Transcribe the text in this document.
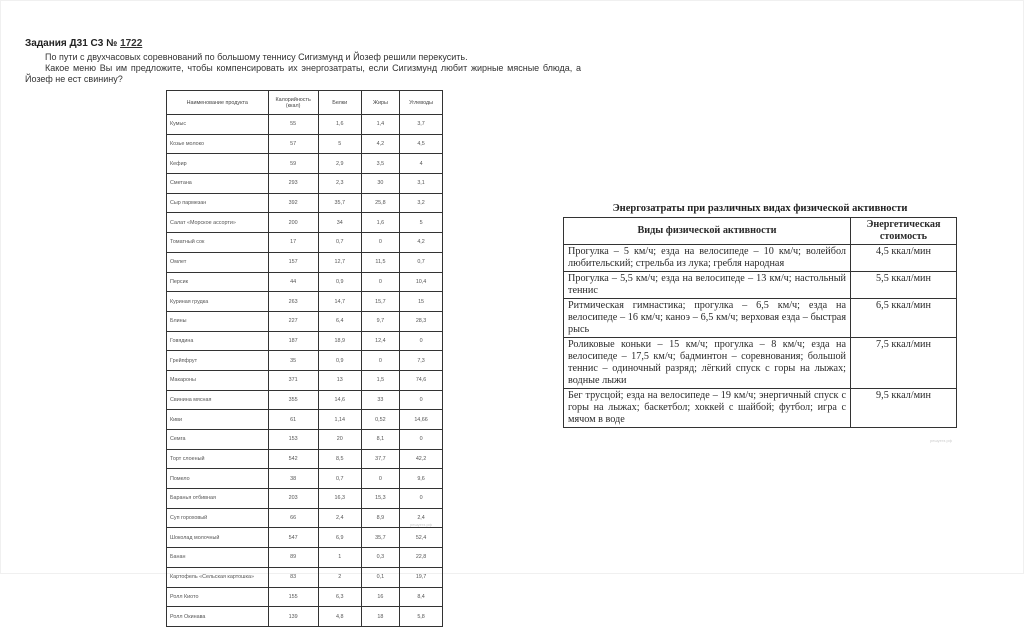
Задания Д31 С3 № 1722

По пути с двухчасовых соревнований по большому теннису Сигизмунд и Йозеф решили перекусить.

Какое меню Вы им предложите, чтобы компенсировать их энергозатраты, если Сигизмунд любит жирные мясные блюда, а Йозеф не ест свинину?

Наименование продукта	Калорийность (ккал)	Белки	Жиры	Углеводы
Кумыс	55	1,6	1,4	3,7
Козье молоко	57	5	4,2	4,5
Кефир	59	2,9	3,5	4
Сметана	293	2,3	30	3,1
Сыр пармезан	392	35,7	25,8	3,2
Салат «Морское ассорти»	200	34	1,6	5
Томатный сок	17	0,7	0	4,2
Омлет	157	12,7	11,5	0,7
Персик	44	0,9	0	10,4
Куриная грудка	263	14,7	15,7	15
Блины	227	6,4	9,7	28,3
Говядина	187	18,9	12,4	0
Грейпфрут	35	0,9	0	7,3
Макароны	371	13	1,5	74,6
Свинина мясная	355	14,6	33	0
Киви	61	1,14	0,52	14,66
Семга	153	20	8,1	0
Торт слоеный	542	8,5	37,7	42,2
Помело	38	0,7	0	9,6
Баранья отбивная	203	16,3	15,3	0
Суп гороховый	66	2,4	8,9	2,4
Шоколад молочный	547	6,9	35,7	52,4
Банан	89	1	0,3	22,8
Картофель «Сельская картошка»	83	2	0,1	19,7
Ролл Киото	155	6,3	16	8,4
Ролл Окинава	139	4,8	18	5,8
решуегэ.рф
Энергозатраты при различных видах физической активности
Виды физической активности	Энергетическая стоимость
Прогулка – 5 км/ч; езда на велосипеде – 10 км/ч; волейбол любительский; стрельба из лука; гребля народная	4,5 ккал/мин
Прогулка – 5,5 км/ч; езда на велосипеде – 13 км/ч; настольный теннис	5,5 ккал/мин
Ритмическая гимнастика; прогулка – 6,5 км/ч; езда на велосипеде – 16 км/ч; каноэ – 6,5 км/ч; верховая езда – быстрая рысь	6,5 ккал/мин
Роликовые коньки – 15 км/ч; прогулка – 8 км/ч; езда на велосипеде – 17,5 км/ч; бадминтон – соревнования; большой теннис – одиночный разряд; лёгкий спуск с горы на лыжах; водные лыжи	7,5 ккал/мин
Бег трусцой; езда на велосипеде – 19 км/ч; энергичный спуск с горы на лыжах; баскетбол; хоккей с шайбой; футбол; игра с мячом в воде	9,5 ккал/мин
решуегэ.рф
